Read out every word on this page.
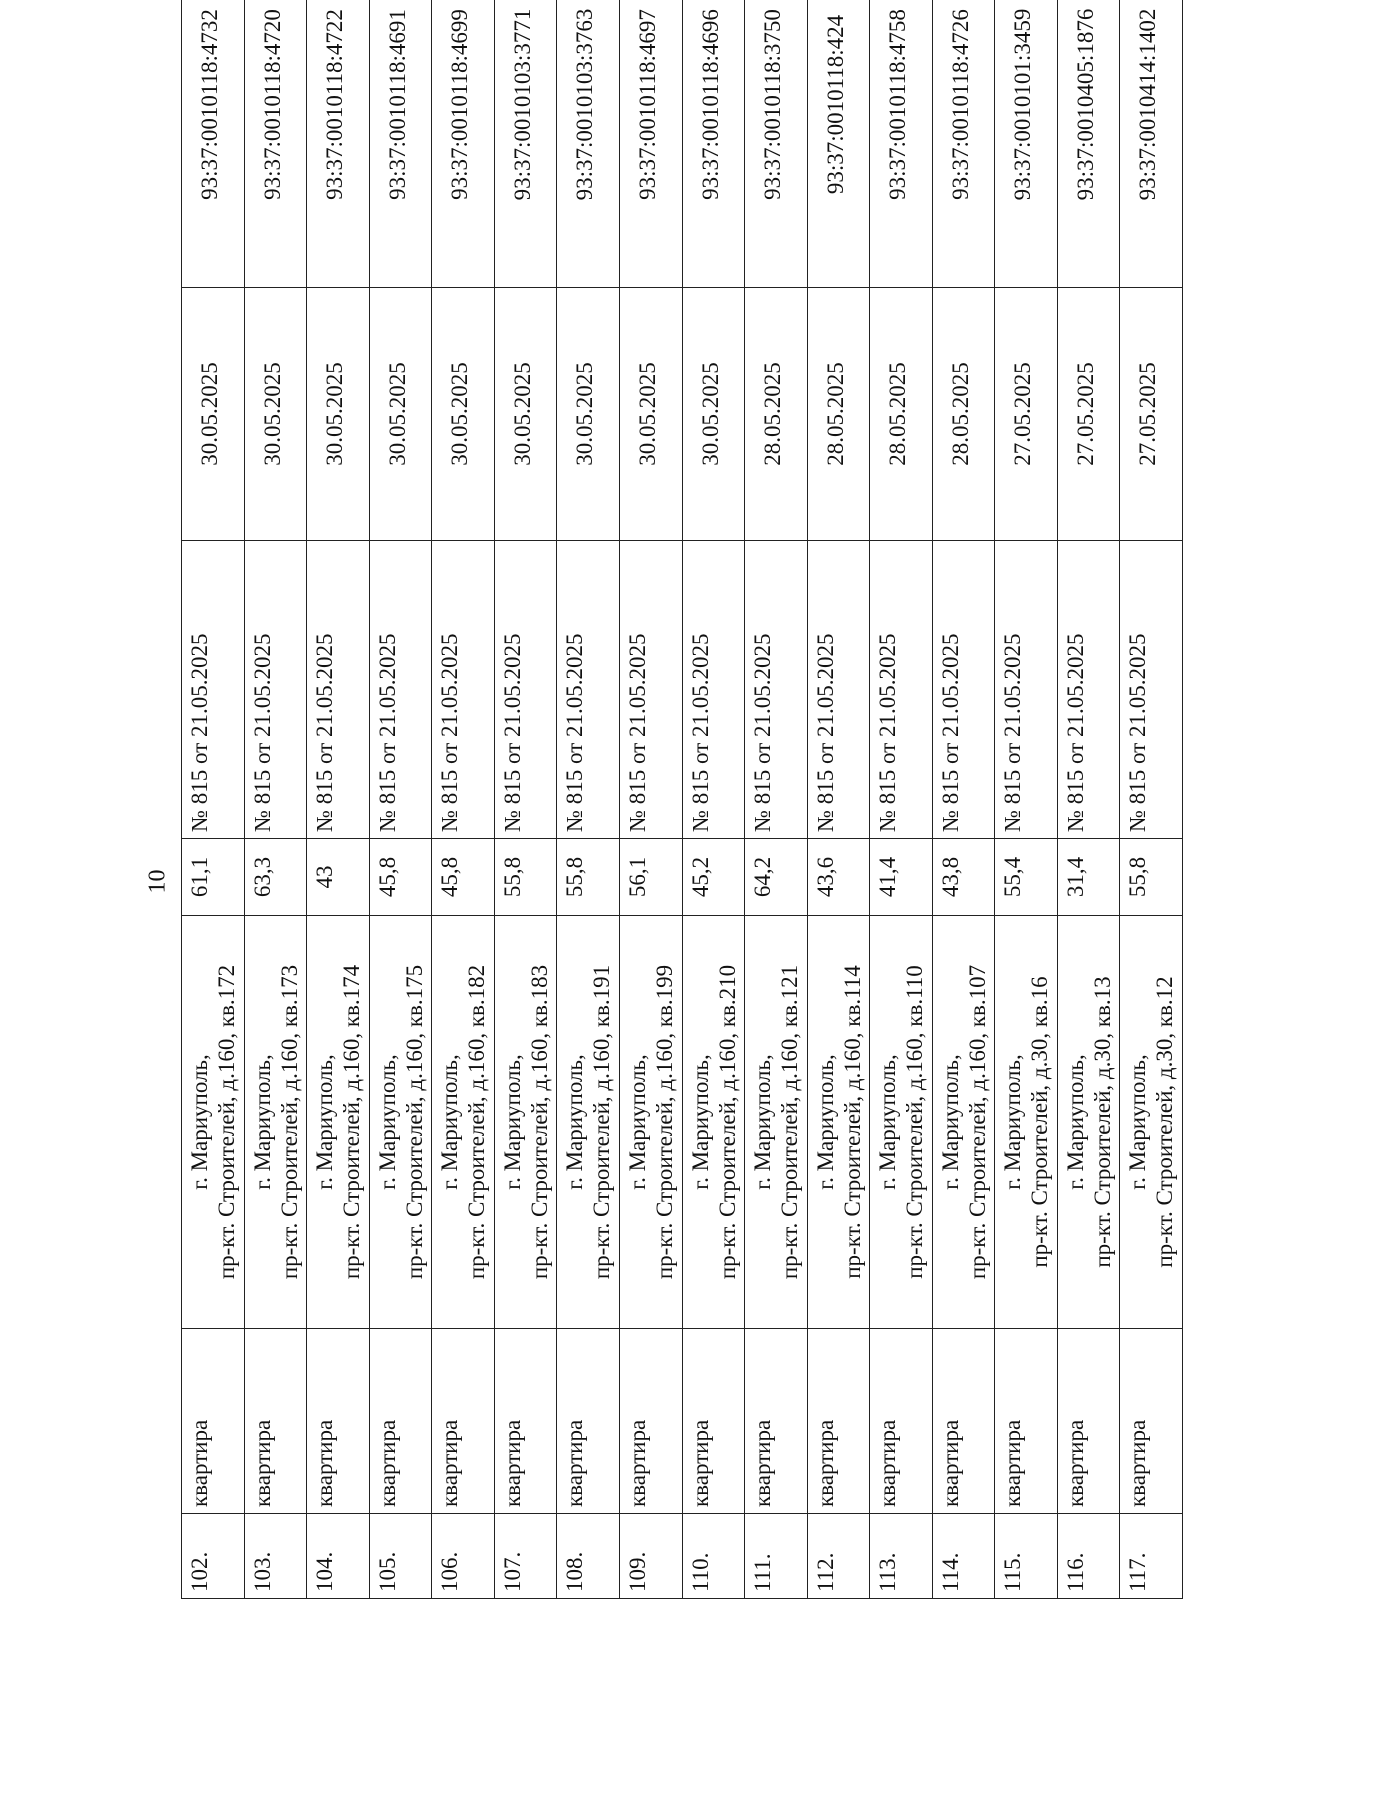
10
102.	квартира	г. Мариуполь, пр-кт. Строителей, д.160, кв.172	61,1	№ 815 от 21.05.2025	30.05.2025	93:37:0010118:4732
103.	квартира	г. Мариуполь, пр-кт. Строителей, д.160, кв.173	63,3	№ 815 от 21.05.2025	30.05.2025	93:37:0010118:4720
104.	квартира	г. Мариуполь, пр-кт. Строителей, д.160, кв.174	43	№ 815 от 21.05.2025	30.05.2025	93:37:0010118:4722
105.	квартира	г. Мариуполь, пр-кт. Строителей, д.160, кв.175	45,8	№ 815 от 21.05.2025	30.05.2025	93:37:0010118:4691
106.	квартира	г. Мариуполь, пр-кт. Строителей, д.160, кв.182	45,8	№ 815 от 21.05.2025	30.05.2025	93:37:0010118:4699
107.	квартира	г. Мариуполь, пр-кт. Строителей, д.160, кв.183	55,8	№ 815 от 21.05.2025	30.05.2025	93:37:0010103:3771
108.	квартира	г. Мариуполь, пр-кт. Строителей, д.160, кв.191	55,8	№ 815 от 21.05.2025	30.05.2025	93:37:0010103:3763
109.	квартира	г. Мариуполь, пр-кт. Строителей, д.160, кв.199	56,1	№ 815 от 21.05.2025	30.05.2025	93:37:0010118:4697
110.	квартира	г. Мариуполь, пр-кт. Строителей, д.160, кв.210	45,2	№ 815 от 21.05.2025	30.05.2025	93:37:0010118:4696
111.	квартира	г. Мариуполь, пр-кт. Строителей, д.160, кв.121	64,2	№ 815 от 21.05.2025	28.05.2025	93:37:0010118:3750
112.	квартира	г. Мариуполь, пр-кт. Строителей, д.160, кв.114	43,6	№ 815 от 21.05.2025	28.05.2025	93:37:0010118:424
113.	квартира	г. Мариуполь, пр-кт. Строителей, д.160, кв.110	41,4	№ 815 от 21.05.2025	28.05.2025	93:37:0010118:4758
114.	квартира	г. Мариуполь, пр-кт. Строителей, д.160, кв.107	43,8	№ 815 от 21.05.2025	28.05.2025	93:37:0010118:4726
115.	квартира	г. Мариуполь, пр-кт. Строителей, д.30, кв.16	55,4	№ 815 от 21.05.2025	27.05.2025	93:37:0010101:3459
116.	квартира	г. Мариуполь, пр-кт. Строителей, д.30, кв.13	31,4	№ 815 от 21.05.2025	27.05.2025	93:37:0010405:1876
117.	квартира	г. Мариуполь, пр-кт. Строителей, д.30, кв.12	55,8	№ 815 от 21.05.2025	27.05.2025	93:37:0010414:1402
